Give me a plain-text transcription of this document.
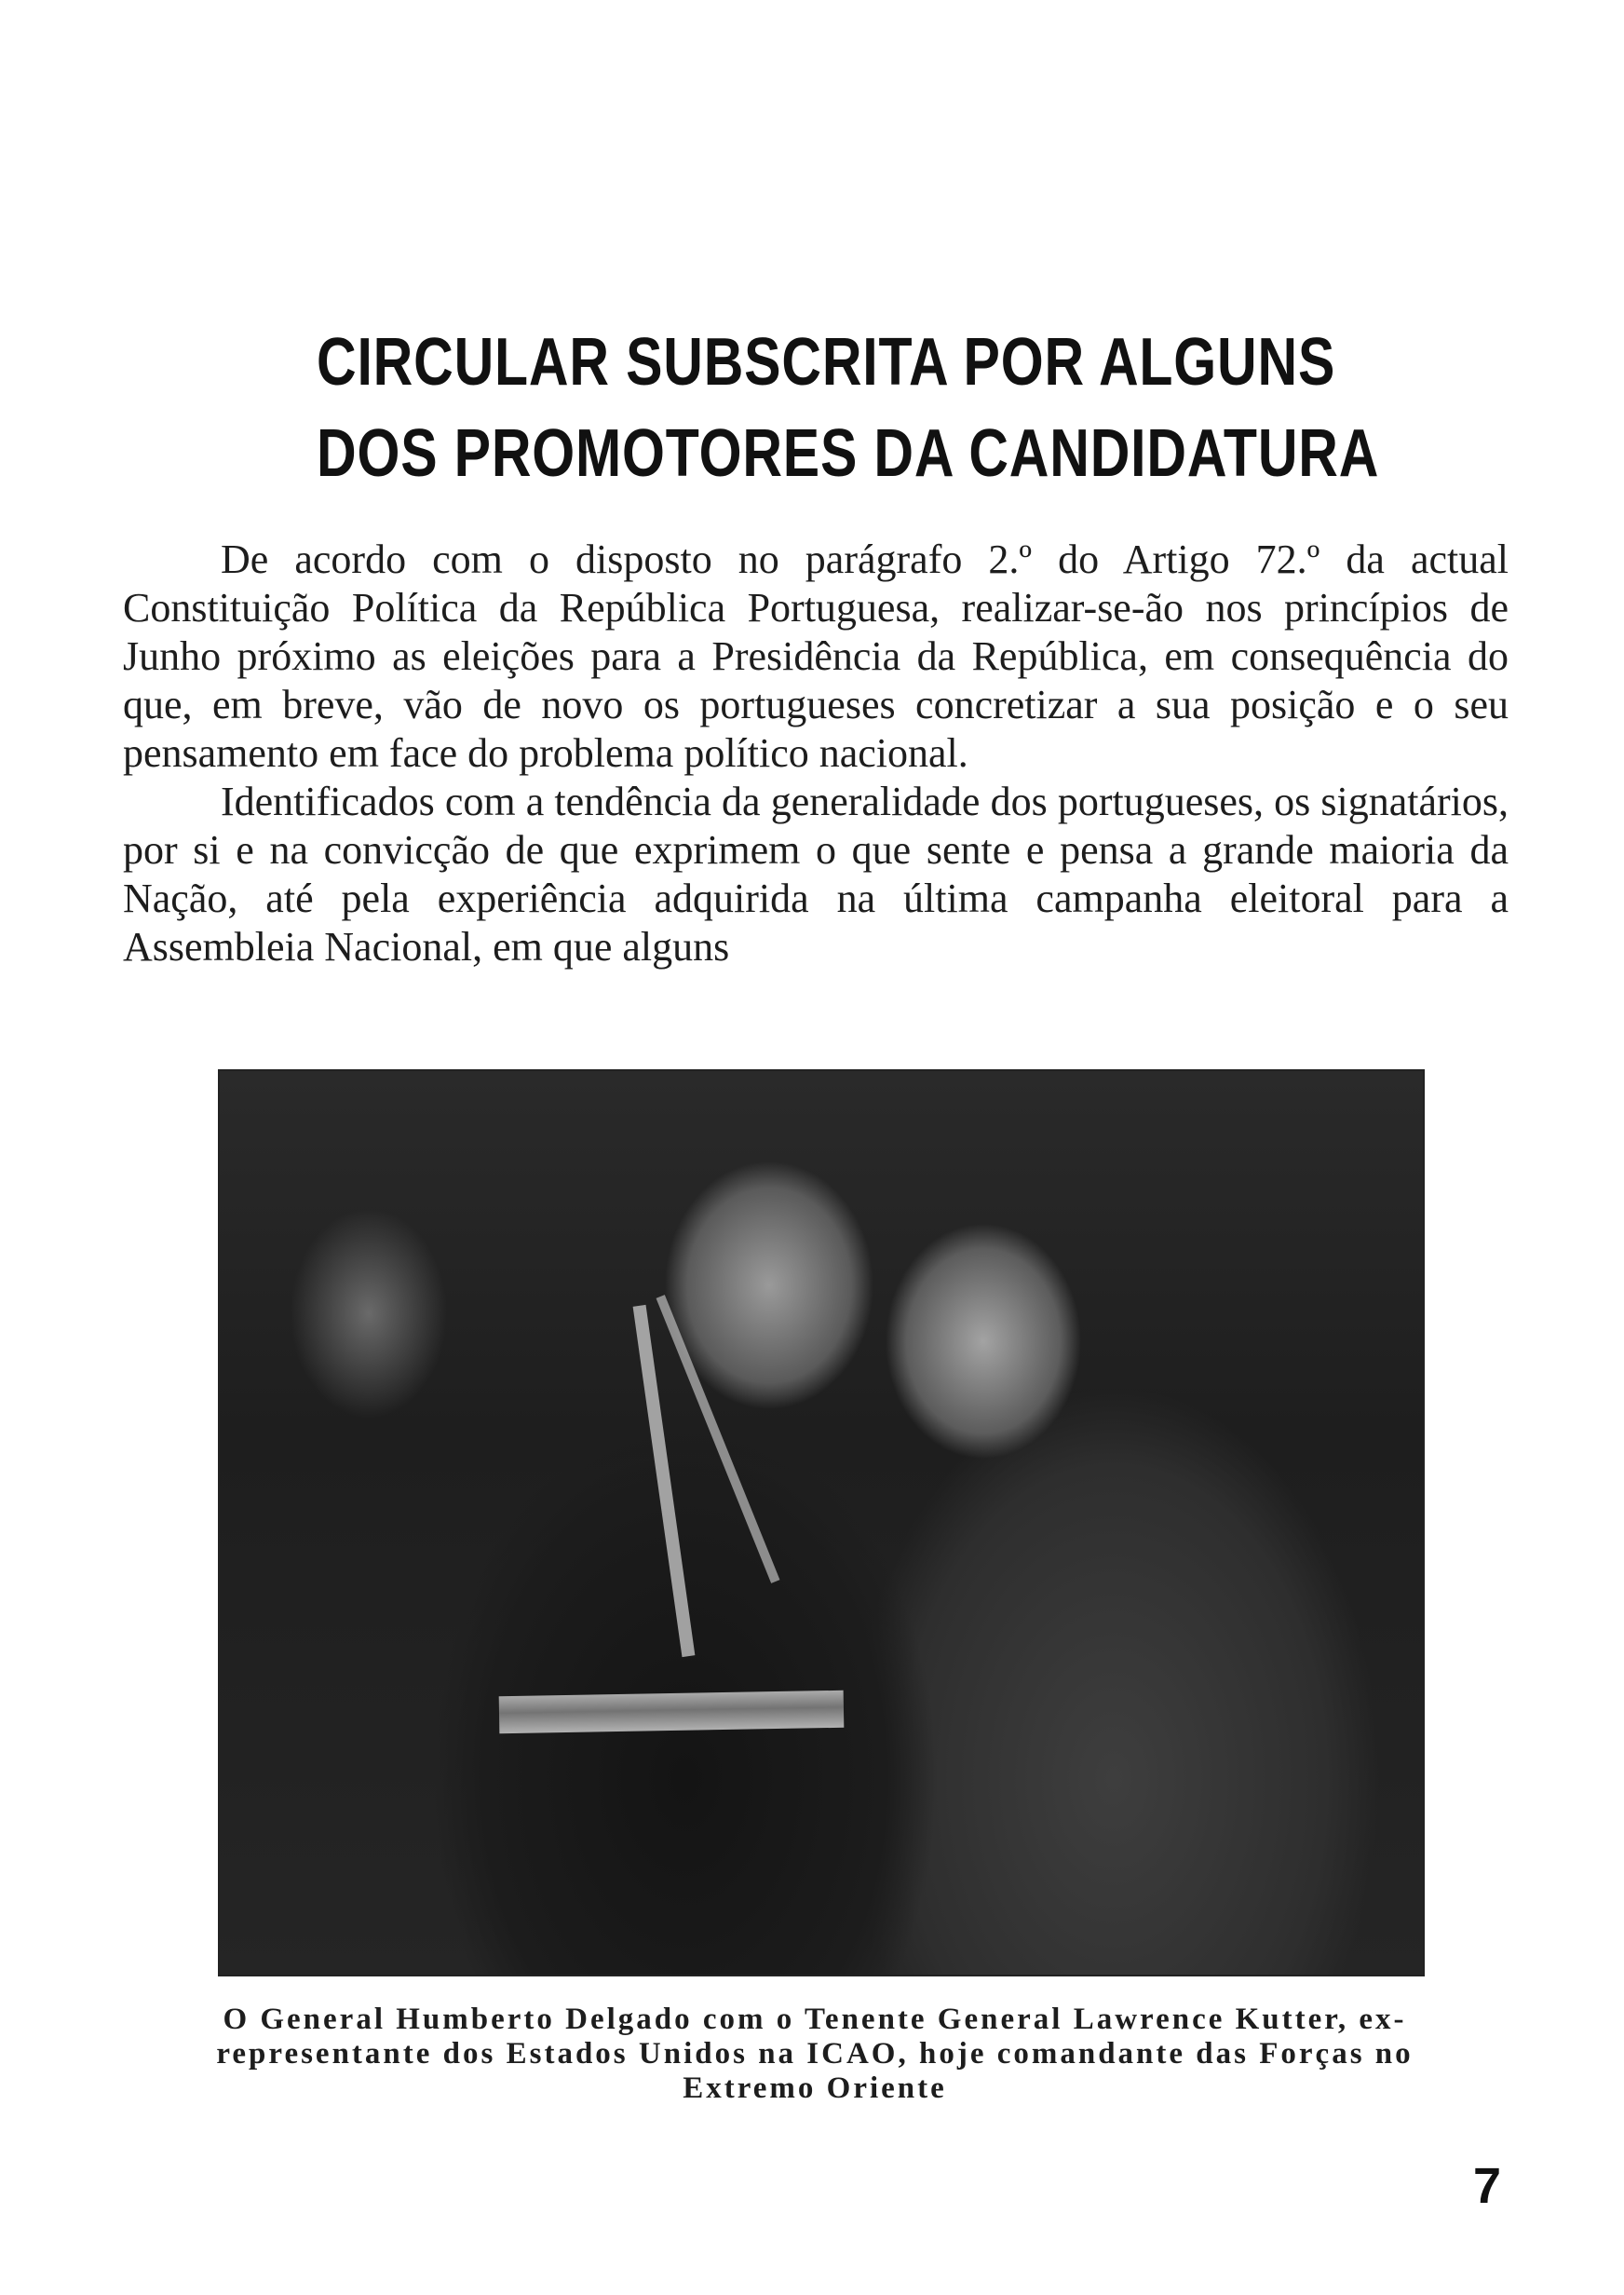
CIRCULAR SUBSCRITA POR ALGUNS
DOS PROMOTORES DA CANDIDATURA

De acordo com o disposto no parágrafo 2.º do Artigo 72.º da actual Constituição Política da República Portuguesa, realizar-se-ão nos princípios de Junho próximo as eleições para a Presidência da República, em consequência do que, em breve, vão de novo os portugueses concretizar a sua posição e o seu pensamento em face do problema político nacional.

Identificados com a tendência da generalidade dos portugueses, os signatários, por si e na convicção de que exprimem o que sente e pensa a grande maioria da Nação, até pela experiência adquirida na última campanha eleitoral para a Assembleia Nacional, em que alguns

O General Humberto Delgado com o Tenente General Lawrence Kutter, ex-representante dos Estados Unidos na ICAO, hoje comandante das Forças no Extremo Oriente
7
